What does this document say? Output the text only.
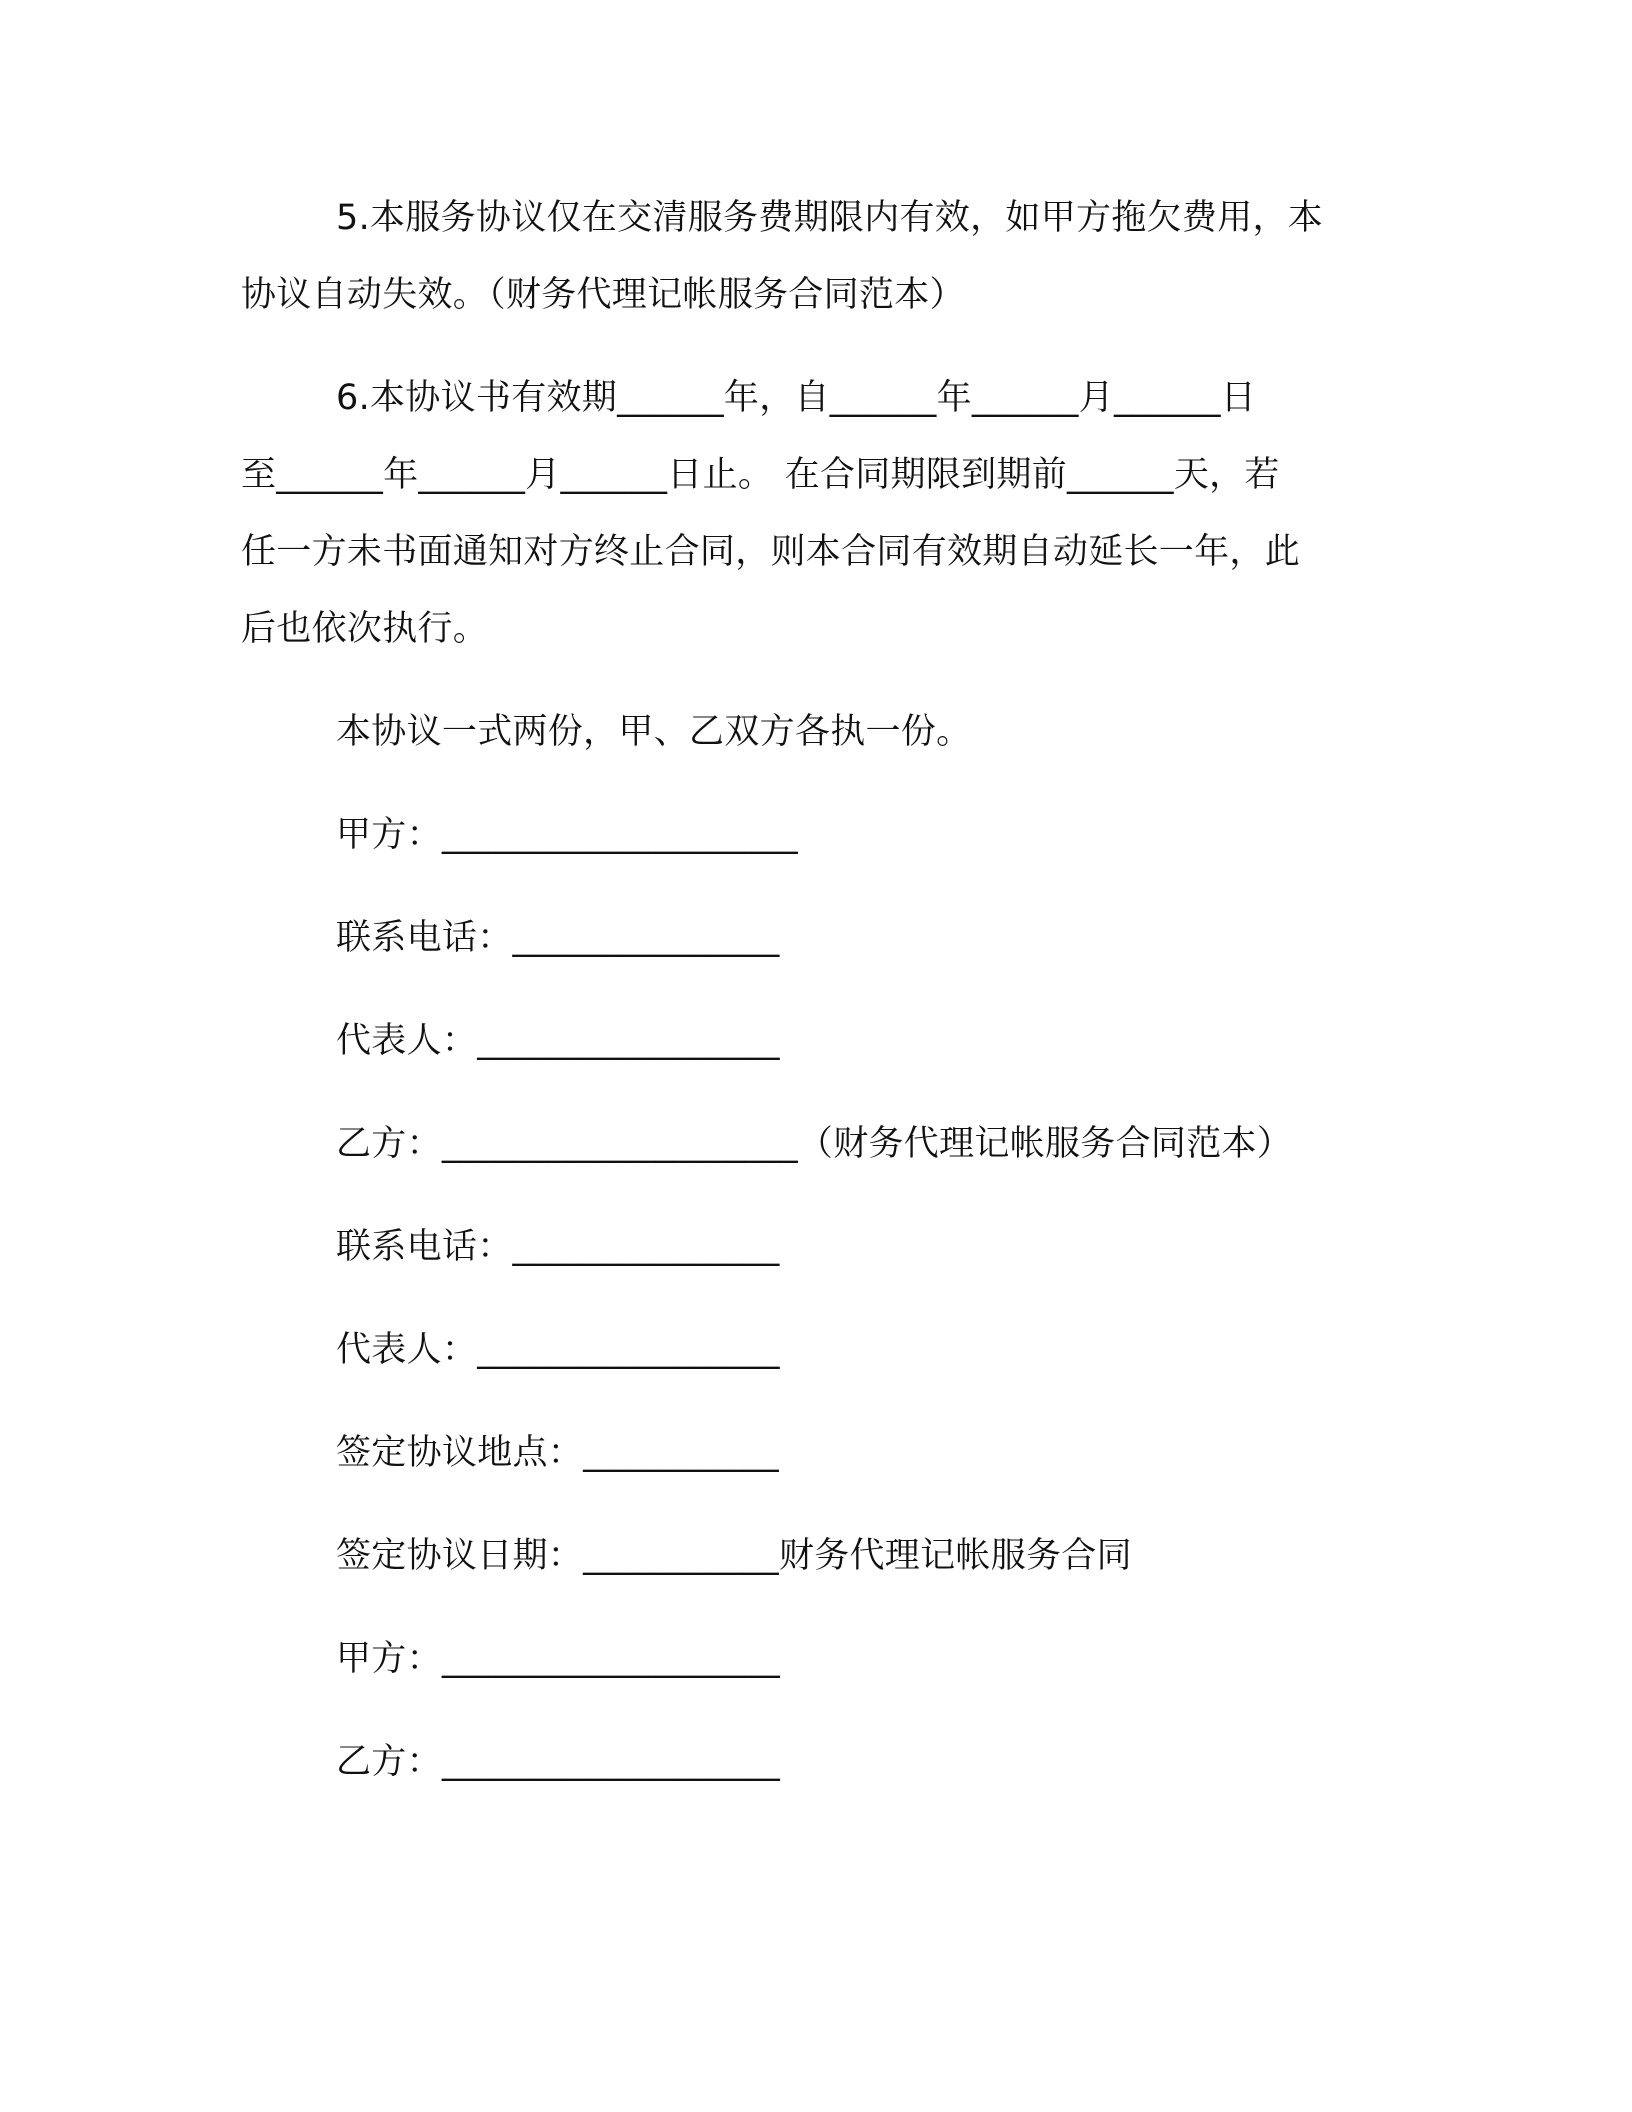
5.本服务协议仅在交清服务费期限内有效，如甲方拖欠费用，本
协议自动失效。（财务代理记帐服务合同范本）
6.本协议书有效期______年，自______年______月______日
至______年______月______日止。 在合同期限到期前______天，若
任一方未书面通知对方终止合同，则本合同有效期自动延长一年，此
后也依次执行。
本协议一式两份，甲、乙双方各执一份。
甲方：____________________
联系电话：_______________
代表人：_________________
乙方：____________________（财务代理记帐服务合同范本）
联系电话：_______________
代表人：_________________
签定协议地点：___________
签定协议日期：___________财务代理记帐服务合同
甲方：___________________
乙方：___________________
